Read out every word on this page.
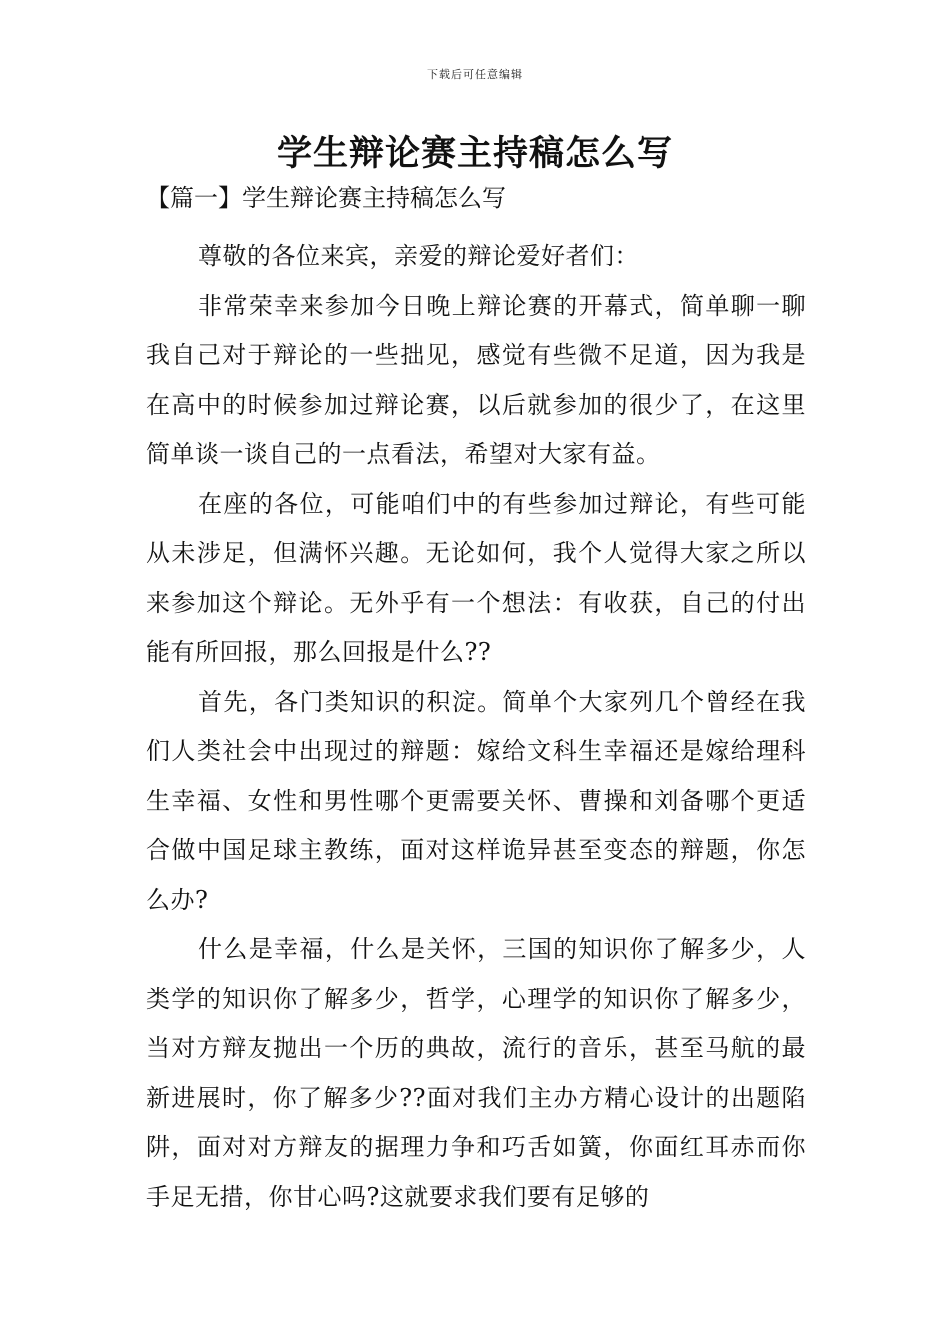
下载后可任意编辑
学生辩论赛主持稿怎么写
【篇一】学生辩论赛主持稿怎么写

尊敬的各位来宾，亲爱的辩论爱好者们：

非常荣幸来参加今日晚上辩论赛的开幕式，简单聊一聊我自己对于辩论的一些拙见，感觉有些微不足道，因为我是在高中的时候参加过辩论赛，以后就参加的很少了，在这里简单谈一谈自己的一点看法，希望对大家有益。

在座的各位，可能咱们中的有些参加过辩论，有些可能从未涉足，但满怀兴趣。无论如何，我个人觉得大家之所以来参加这个辩论。无外乎有一个想法：有收获，自己的付出能有所回报，那么回报是什么??

首先，各门类知识的积淀。简单个大家列几个曾经在我们人类社会中出现过的辩题：嫁给文科生幸福还是嫁给理科生幸福、女性和男性哪个更需要关怀、曹操和刘备哪个更适合做中国足球主教练，面对这样诡异甚至变态的辩题，你怎么办?

什么是幸福，什么是关怀，三国的知识你了解多少，人类学的知识你了解多少，哲学，心理学的知识你了解多少，当对方辩友抛出一个历的典故，流行的音乐，甚至马航的最新进展时，你了解多少??面对我们主办方精心设计的出题陷阱，面对对方辩友的据理力争和巧舌如簧，你面红耳赤而你手足无措，你甘心吗?这就要求我们要有足够的
